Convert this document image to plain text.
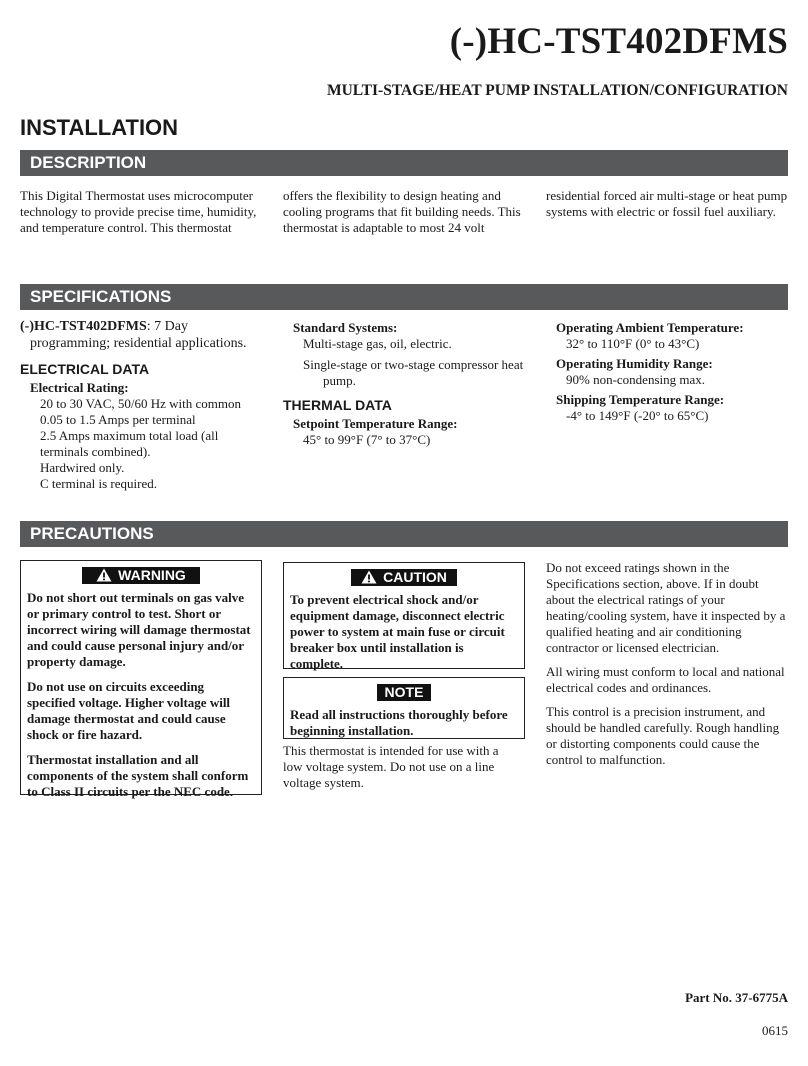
(-)HC-TST402DFMS
MULTI-STAGE/HEAT PUMP INSTALLATION/CONFIGURATION
INSTALLATION
DESCRIPTION
This Digital Thermostat uses microcomputer technology to provide precise time, humidity, and temperature control. This thermostat
offers the flexibility to design heating and cooling programs that fit building needs. This thermostat is adaptable to most 24 volt
residential forced air multi-stage or heat pump systems with electric or fossil fuel auxiliary.
SPECIFICATIONS
(-)HC-TST402DFMS: 7 Day programming; residential applications.
ELECTRICAL DATA
Electrical Rating:
20 to 30 VAC, 50/60 Hz with common
0.05 to 1.5 Amps per terminal
2.5 Amps maximum total load (all terminals combined).
Hardwired only.
C terminal is required.
Standard Systems:
Multi-stage gas, oil, electric.
Single-stage or two-stage compressor heat pump.
THERMAL DATA
Setpoint Temperature Range:
45° to 99°F (7° to 37°C)
Operating Ambient Temperature:
32° to 110°F (0° to 43°C)
Operating Humidity Range:
90% non-condensing max.
Shipping Temperature Range:
-4° to 149°F (-20° to 65°C)
PRECAUTIONS
WARNING

Do not short out terminals on gas valve or primary control to test. Short or incorrect wiring will damage thermostat and could cause personal injury and/or property damage.

Do not use on circuits exceeding specified voltage. Higher voltage will damage thermostat and could cause shock or fire hazard.

Thermostat installation and all components of the system shall conform to Class II circuits per the NEC code.

CAUTION

To prevent electrical shock and/or equipment damage, disconnect electric power to system at main fuse or circuit breaker box until installation is complete.

NOTE

Read all instructions thoroughly before beginning installation.

This thermostat is intended for use with a low voltage system. Do not use on a line voltage system.

Do not exceed ratings shown in the Specifications section, above. If in doubt about the electrical ratings of your heating/cooling system, have it inspected by a qualified heating and air conditioning contractor or licensed electrician.

All wiring must conform to local and national electrical codes and ordinances.

This control is a precision instrument, and should be handled carefully. Rough handling or distorting components could cause the control to malfunction.

Part No. 37-6775A
0615
